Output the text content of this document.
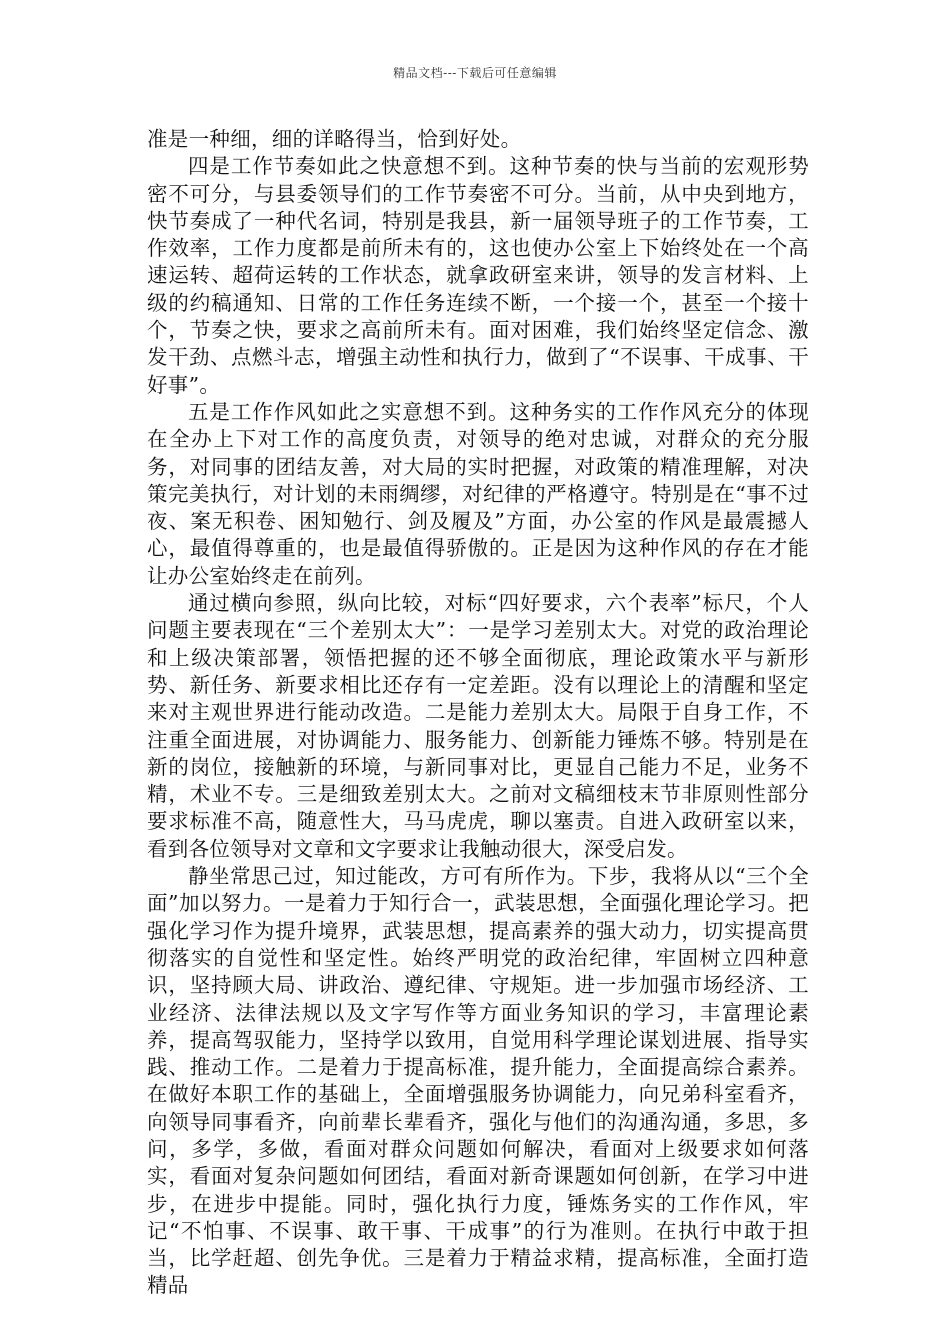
精品文档---下载后可任意编辑

准是一种细，细的详略得当，恰到好处。

四是工作节奏如此之快意想不到。这种节奏的快与当前的宏观形势密不可分，与县委领导们的工作节奏密不可分。当前，从中央到地方，快节奏成了一种代名词，特别是我县，新一届领导班子的工作节奏，工作效率，工作力度都是前所未有的，这也使办公室上下始终处在一个高速运转、超荷运转的工作状态，就拿政研室来讲，领导的发言材料、上级的约稿通知、日常的工作任务连续不断，一个接一个，甚至一个接十个，节奏之快，要求之高前所未有。面对困难，我们始终坚定信念、激发干劲、点燃斗志，增强主动性和执行力，做到了“不误事、干成事、干好事”。

五是工作作风如此之实意想不到。这种务实的工作作风充分的体现在全办上下对工作的高度负责，对领导的绝对忠诚，对群众的充分服务，对同事的团结友善，对大局的实时把握，对政策的精准理解，对决策完美执行，对计划的未雨绸缪，对纪律的严格遵守。特别是在“事不过夜、案无积卷、困知勉行、剑及履及”方面，办公室的作风是最震撼人心，最值得尊重的，也是最值得骄傲的。正是因为这种作风的存在才能让办公室始终走在前列。

通过横向参照，纵向比较，对标“四好要求，六个表率”标尺，个人问题主要表现在“三个差别太大”：一是学习差别太大。对党的政治理论和上级决策部署，领悟把握的还不够全面彻底，理论政策水平与新形势、新任务、新要求相比还存有一定差距。没有以理论上的清醒和坚定来对主观世界进行能动改造。二是能力差别太大。局限于自身工作，不注重全面进展，对协调能力、服务能力、创新能力锤炼不够。特别是在新的岗位，接触新的环境，与新同事对比，更显自己能力不足，业务不精，术业不专。三是细致差别太大。之前对文稿细枝末节非原则性部分要求标准不高，随意性大，马马虎虎，聊以塞责。自进入政研室以来，看到各位领导对文章和文字要求让我触动很大，深受启发。

静坐常思己过，知过能改，方可有所作为。下步，我将从以“三个全面”加以努力。一是着力于知行合一，武装思想，全面强化理论学习。把强化学习作为提升境界，武装思想，提高素养的强大动力，切实提高贯彻落实的自觉性和坚定性。始终严明党的政治纪律，牢固树立四种意识，坚持顾大局、讲政治、遵纪律、守规矩。进一步加强市场经济、工业经济、法律法规以及文字写作等方面业务知识的学习，丰富理论素养，提高驾驭能力，坚持学以致用，自觉用科学理论谋划进展、指导实践、推动工作。二是着力于提高标准，提升能力，全面提高综合素养。在做好本职工作的基础上，全面增强服务协调能力，向兄弟科室看齐，向领导同事看齐，向前辈长辈看齐，强化与他们的沟通沟通，多思，多问，多学，多做，看面对群众问题如何解决，看面对上级要求如何落实，看面对复杂问题如何团结，看面对新奇课题如何创新，在学习中进步，在进步中提能。同时，强化执行力度，锤炼务实的工作作风，牢记“不怕事、不误事、敢干事、干成事”的行为准则。在执行中敢于担当，比学赶超、创先争优。三是着力于精益求精，提高标准，全面打造精品
